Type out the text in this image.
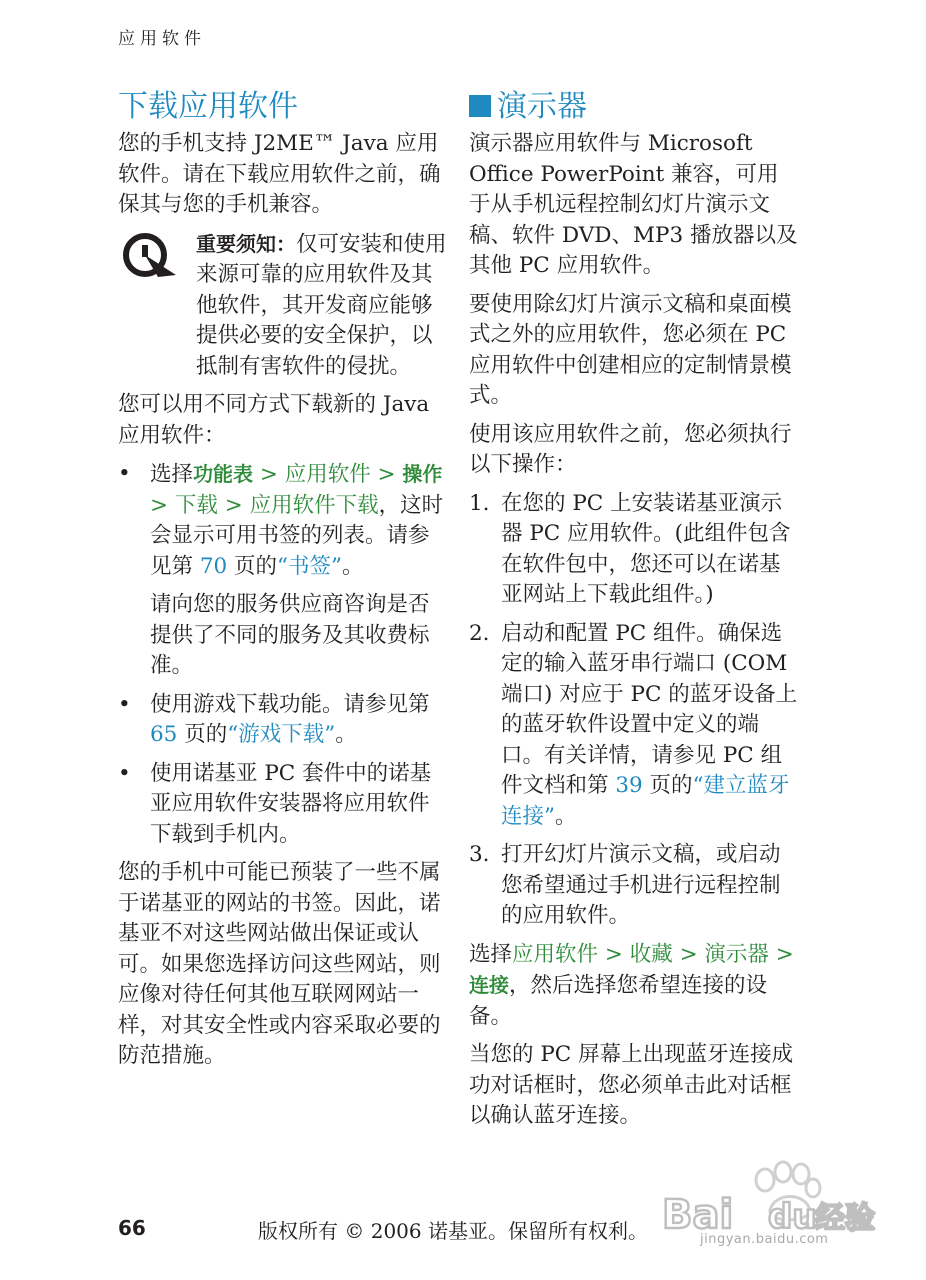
应用软件
下载应用软件

您的手机支持 J2ME™ Java 应用软件。请在下载应用软件之前，确保其与您的手机兼容。

重要须知：仅可安装和使用来源可靠的应用软件及其他软件，其开发商应能够提供必要的安全保护，以抵制有害软件的侵扰。

您可以用不同方式下载新的 Java 应用软件：

• 选择功能表 > 应用软件 > 操作 > 下载 > 应用软件下载，这时会显示可用书签的列表。请参见第 70 页的“书签”。

请向您的服务供应商咨询是否提供了不同的服务及其收费标准。

• 使用游戏下载功能。请参见第 65 页的“游戏下载”。
• 使用诺基亚 PC 套件中的诺基亚应用软件安装器将应用软件下载到手机内。

您的手机中可能已预装了一些不属于诺基亚的网站的书签。因此，诺基亚不对这些网站做出保证或认可。如果您选择访问这些网站，则应像对待任何其他互联网网站一样，对其安全性或内容采取必要的防范措施。

演示器

演示器应用软件与 Microsoft Office PowerPoint 兼容，可用于从手机远程控制幻灯片演示文稿、软件 DVD、MP3 播放器以及其他 PC 应用软件。

要使用除幻灯片演示文稿和桌面模式之外的应用软件，您必须在 PC 应用软件中创建相应的定制情景模式。

使用该应用软件之前，您必须执行以下操作：

1. 在您的 PC 上安装诺基亚演示器 PC 应用软件。(此组件包含在软件包中，您还可以在诺基亚网站上下载此组件。)
2. 启动和配置 PC 组件。确保选定的输入蓝牙串行端口 (COM 端口) 对应于 PC 的蓝牙设备上的蓝牙软件设置中定义的端口。有关详情，请参见 PC 组件文档和第 39 页的“建立蓝牙连接”。
3. 打开幻灯片演示文稿，或启动您希望通过手机进行远程控制的应用软件。

选择应用软件 > 收藏 > 演示器 > 连接，然后选择您希望连接的设备。

当您的 PC 屏幕上出现蓝牙连接成功对话框时，您必须单击此对话框以确认蓝牙连接。

66	版权所有 © 2006 诺基亚。保留所有权利。 Bai du
经验
jingyan.baidu.com
